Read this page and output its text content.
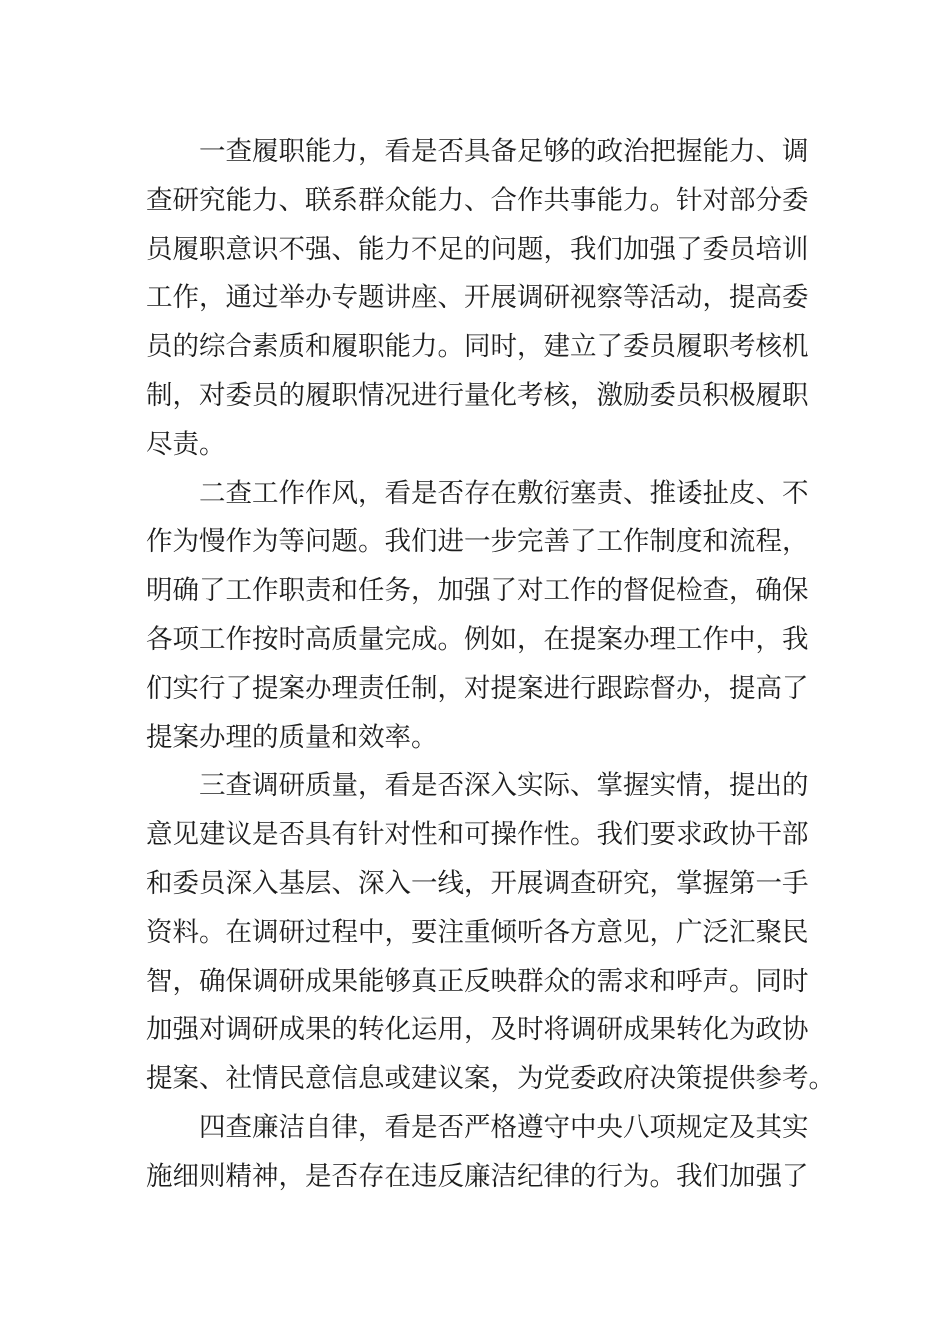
一查履职能力，看是否具备足够的政治把握能力、调
查研究能力、联系群众能力、合作共事能力。针对部分委
员履职意识不强、能力不足的问题，我们加强了委员培训
工作，通过举办专题讲座、开展调研视察等活动，提高委
员的综合素质和履职能力。同时，建立了委员履职考核机
制，对委员的履职情况进行量化考核，激励委员积极履职
尽责。
二查工作作风，看是否存在敷衍塞责、推诿扯皮、不
作为慢作为等问题。我们进一步完善了工作制度和流程，
明确了工作职责和任务，加强了对工作的督促检查，确保
各项工作按时高质量完成。例如，在提案办理工作中，我
们实行了提案办理责任制，对提案进行跟踪督办，提高了
提案办理的质量和效率。
三查调研质量，看是否深入实际、掌握实情，提出的
意见建议是否具有针对性和可操作性。我们要求政协干部
和委员深入基层、深入一线，开展调查研究，掌握第一手
资料。在调研过程中，要注重倾听各方意见，广泛汇聚民
智，确保调研成果能够真正反映群众的需求和呼声。同时
加强对调研成果的转化运用，及时将调研成果转化为政协
提案、社情民意信息或建议案，为党委政府决策提供参考。
四查廉洁自律，看是否严格遵守中央八项规定及其实
施细则精神，是否存在违反廉洁纪律的行为。我们加强了
